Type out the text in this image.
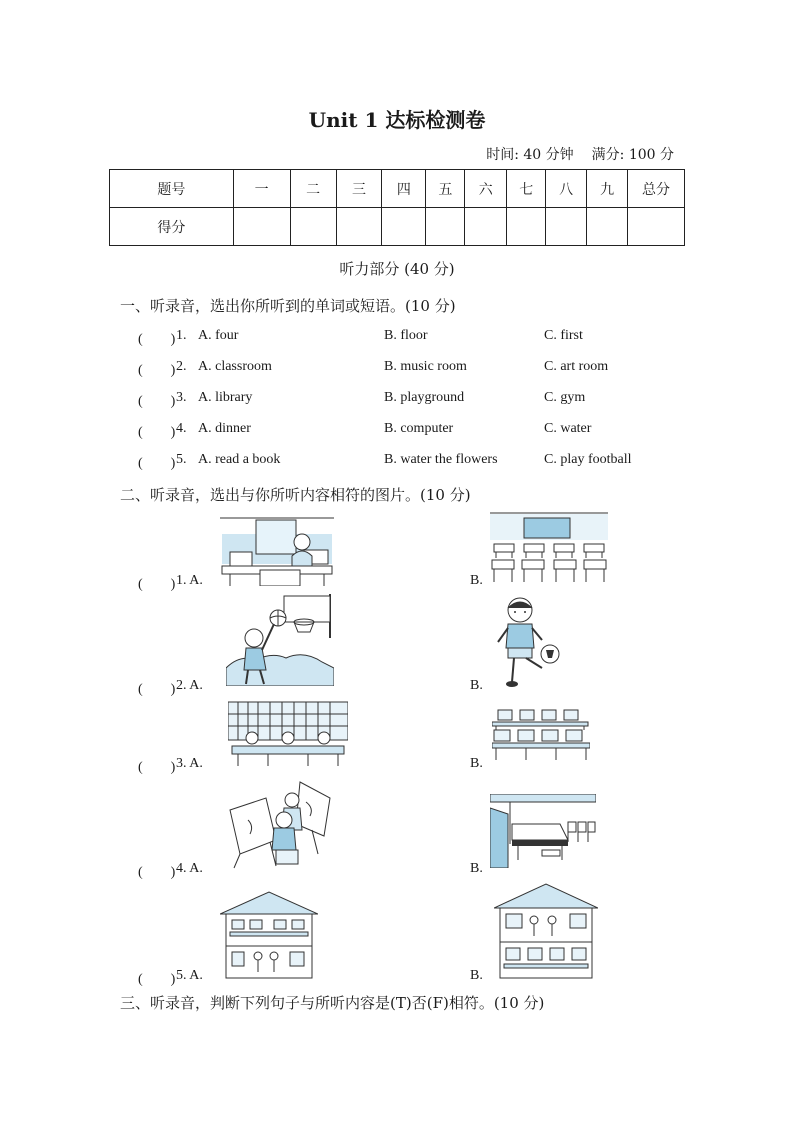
Unit 1 达标检测卷
时间: 40 分钟 满分: 100 分
题号	一	二	三	四	五	六	七	八	九	总分
得分										
听力部分 (40 分)
一、听录音，选出你所听到的单词或短语。(10 分)
(　　) 1. A. four	B. floor	C. first
(　　) 2. A. classroom	B. music room	C. art room
(　　) 3. A. library	B. playground	C. gym
(　　) 4. A. dinner	B. computer	C. water
(　　) 5. A. read a book	B. water the flowers	C. play football
二、听录音，选出与你所听内容相符的图片。(10 分)
(　　) 1. A.	B.
(　　) 2. A.	B.
(　　) 3. A.	B.
(　　) 4. A.	B.
(　　) 5. A.	B.
三、听录音，判断下列句子与所听内容是(T)否(F)相符。(10 分)
